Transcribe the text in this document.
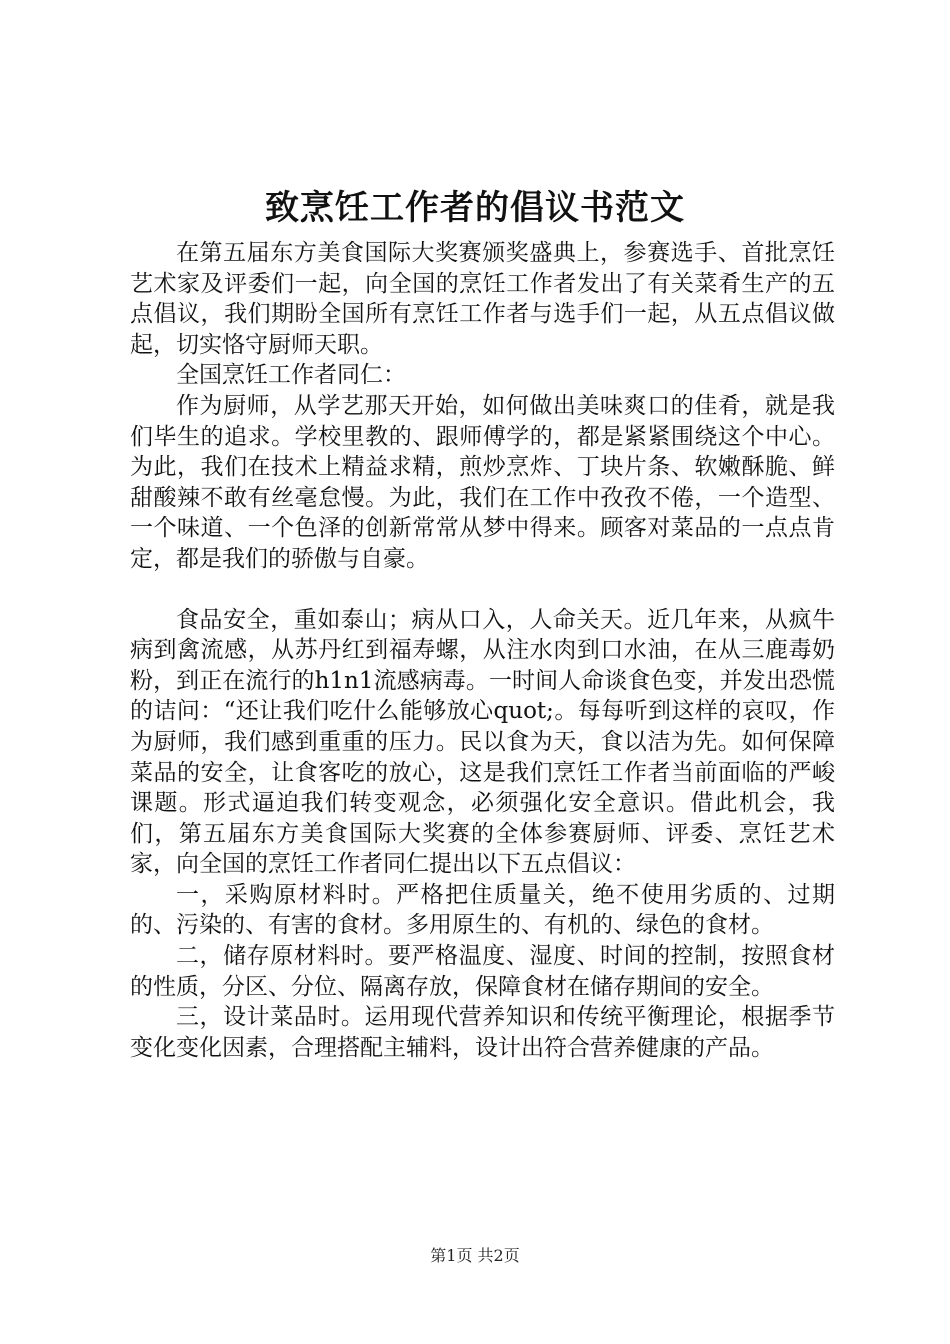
致烹饪工作者的倡议书范文

在第五届东方美食国际大奖赛颁奖盛典上，参赛选手、首批烹饪艺术家及评委们一起，向全国的烹饪工作者发出了有关菜肴生产的五点倡议，我们期盼全国所有烹饪工作者与选手们一起，从五点倡议做起，切实恪守厨师天职。

全国烹饪工作者同仁：

作为厨师，从学艺那天开始，如何做出美味爽口的佳肴，就是我们毕生的追求。学校里教的、跟师傅学的，都是紧紧围绕这个中心。为此，我们在技术上精益求精，煎炒烹炸、丁块片条、软嫩酥脆、鲜甜酸辣不敢有丝毫怠慢。为此，我们在工作中孜孜不倦，一个造型、一个味道、一个色泽的创新常常从梦中得来。顾客对菜品的一点点肯定，都是我们的骄傲与自豪。

食品安全，重如泰山；病从口入，人命关天。近几年来，从疯牛病到禽流感，从苏丹红到福寿螺，从注水肉到口水油，在从三鹿毒奶粉，到正在流行的h1n1流感病毒。一时间人命谈食色变，并发出恐慌的诘问：“还让我们吃什么能够放心quot;。每每听到这样的哀叹，作为厨师，我们感到重重的压力。民以食为天，食以洁为先。如何保障菜品的安全，让食客吃的放心，这是我们烹饪工作者当前面临的严峻课题。形式逼迫我们转变观念，必须强化安全意识。借此机会，我们，第五届东方美食国际大奖赛的全体参赛厨师、评委、烹饪艺术家，向全国的烹饪工作者同仁提出以下五点倡议：

一，采购原材料时。严格把住质量关，绝不使用劣质的、过期的、污染的、有害的食材。多用原生的、有机的、绿色的食材。

二，储存原材料时。要严格温度、湿度、时间的控制，按照食材的性质，分区、分位、隔离存放，保障食材在储存期间的安全。

三，设计菜品时。运用现代营养知识和传统平衡理论，根据季节变化变化因素，合理搭配主辅料，设计出符合营养健康的产品。

第1页 共2页
